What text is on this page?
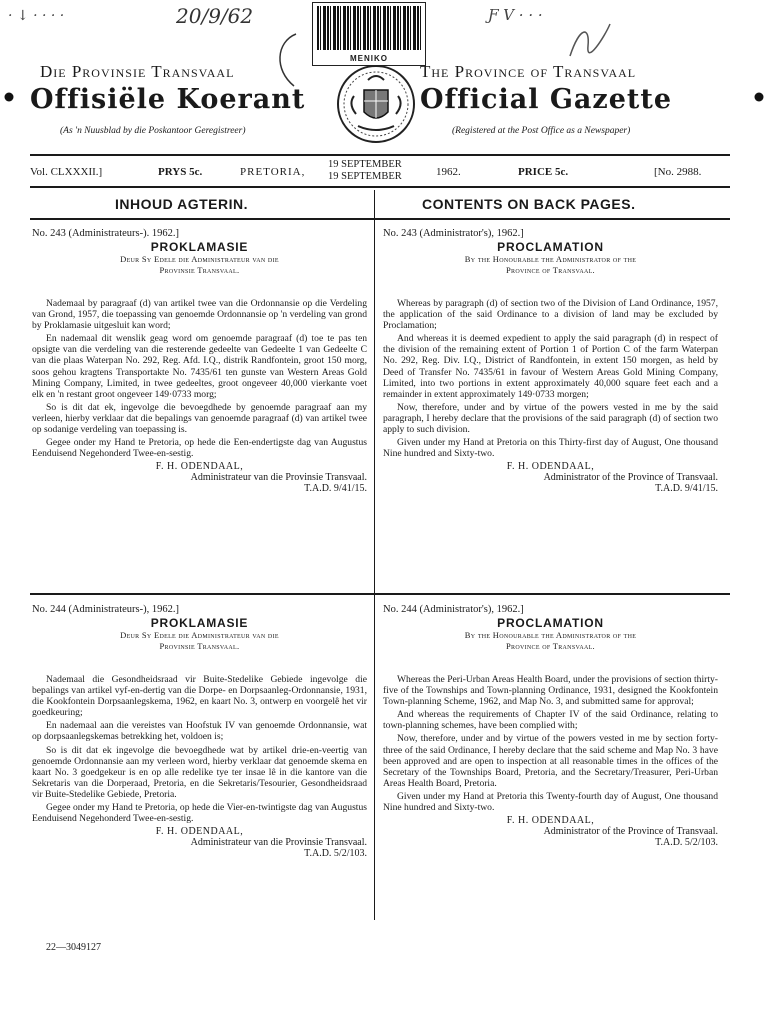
· ↓ · · · ·	20/9/62	Ƒ V · · ·
MENIKO
Die Provinsie Transvaal	The Province of Transvaal
Offisiële Koerant	Official Gazette
(As 'n Nuusblad by die Poskantoor Geregistreer)	(Registered at the Post Office as a Newspaper)
Vol. CLXXXII.]	PRYS 5c.	PRETORIA,
19 SEPTEMBER
19 SEPTEMBER	1962.	PRICE 5c.	[No. 2988.
INHOUD AGTERIN.	CONTENTS ON BACK PAGES.
No. 243 (Administrateurs-). 1962.]
PROKLAMASIE
Deur Sy Edele die Administrateur van die
Provinsie Transvaal.

Nademaal by paragraaf (d) van artikel twee van die Ordonnansie op die Verdeling van Grond, 1957, die toepassing van genoemde Ordonnansie op 'n verdeling van grond by Proklamasie uitgesluit kan word;

En nademaal dit wenslik geag word om genoemde paragraaf (d) toe te pas ten opsigte van die verdeling van die resterende gedeelte van Gedeelte 1 van Gedeelte C van die plaas Waterpan No. 292, Reg. Afd. I.Q., distrik Randfontein, groot 150 morg, soos gehou kragtens Transportakte No. 7435/61 ten gunste van Western Areas Gold Mining Company, Limited, in twee gedeeltes, groot ongeveer 40,000 vierkante voet elk en 'n restant groot ongeveer 149·0733 morg;

So is dit dat ek, ingevolge die bevoegdhede by genoemde paragraaf aan my verleen, hierby verklaar dat die bepalings van genoemde paragraaf (d) van artikel twee op sodanige verdeling van toepassing is.

Gegee onder my Hand te Pretoria, op hede die Een-endertigste dag van Augustus Eenduisend Negehonderd Twee-en-sestig.

F. H. ODENDAAL,
Administrateur van die Provinsie Transvaal.
T.A.D. 9/41/15.
No. 243 (Administrator's), 1962.]
PROCLAMATION
By the Honourable the Administrator of the
Province of Transvaal.

Whereas by paragraph (d) of section two of the Division of Land Ordinance, 1957, the application of the said Ordinance to a division of land may be excluded by Proclamation;

And whereas it is deemed expedient to apply the said paragraph (d) in respect of the division of the remaining extent of Portion 1 of Portion C of the farm Waterpan No. 292, Reg. Div. I.Q., District of Randfontein, in extent 150 morgen, as held by Deed of Transfer No. 7435/61 in favour of Western Areas Gold Mining Company, Limited, into two portions in extent approximately 40,000 square feet each and a remainder in extent approximately 149·0733 morgen;

Now, therefore, under and by virtue of the powers vested in me by the said paragraph, I hereby declare that the provisions of the said paragraph (d) of section two apply to such division.

Given under my Hand at Pretoria on this Thirty-first day of August, One thousand Nine hundred and Sixty-two.

F. H. ODENDAAL,
Administrator of the Province of Transvaal.
T.A.D. 9/41/15.
No. 244 (Administrateurs-), 1962.]
PROKLAMASIE
Deur Sy Edele die Administrateur van die
Provinsie Transvaal.

Nademaal die Gesondheidsraad vir Buite-Stedelike Gebiede ingevolge die bepalings van artikel vyf-en-dertig van die Dorpe- en Dorpsaanleg-Ordonnansie, 1931, die Kookfontein Dorpsaanlegskema, 1962, en kaart No. 3, ontwerp en voorgelê het vir goedkeuring;

En nademaal aan die vereistes van Hoofstuk IV van genoemde Ordonnansie, wat op dorpsaanlegskemas betrekking het, voldoen is;

So is dit dat ek ingevolge die bevoegdhede wat by artikel drie-en-veertig van genoemde Ordonnansie aan my verleen word, hierby verklaar dat genoemde skema en kaart No. 3 goedgekeur is en op alle redelike tye ter insae lê in die kantore van die Sekretaris van die Dorperaad, Pretoria, en die Sekretaris/Tesourier, Gesondheidsraad vir Buite-Stedelike Gebiede, Pretoria.

Gegee onder my Hand te Pretoria, op hede die Vier-en-twintigste dag van Augustus Eenduisend Negehonderd Twee-en-sestig.

F. H. ODENDAAL,
Administrateur van die Provinsie Transvaal.
T.A.D. 5/2/103.
No. 244 (Administrator's), 1962.]
PROCLAMATION
By the Honourable the Administrator of the
Province of Transvaal.

Whereas the Peri-Urban Areas Health Board, under the provisions of section thirty-five of the Townships and Town-planning Ordinance, 1931, designed the Kookfontein Town-planning Scheme, 1962, and Map No. 3, and submitted same for approval;

And whereas the requirements of Chapter IV of the said Ordinance, relating to town-planning schemes, have been complied with;

Now, therefore, under and by virtue of the powers vested in me by section forty-three of the said Ordinance, I hereby declare that the said scheme and Map No. 3 have been approved and are open to inspection at all reasonable times in the offices of the Secretary of the Townships Board, Pretoria, and the Secretary/Treasurer, Peri-Urban Areas Health Board, Pretoria.

Given under my Hand at Pretoria this Twenty-fourth day of August, One thousand Nine hundred and Sixty-two.

F. H. ODENDAAL,
Administrator of the Province of Transvaal.
T.A.D. 5/2/103.
22—3049127
